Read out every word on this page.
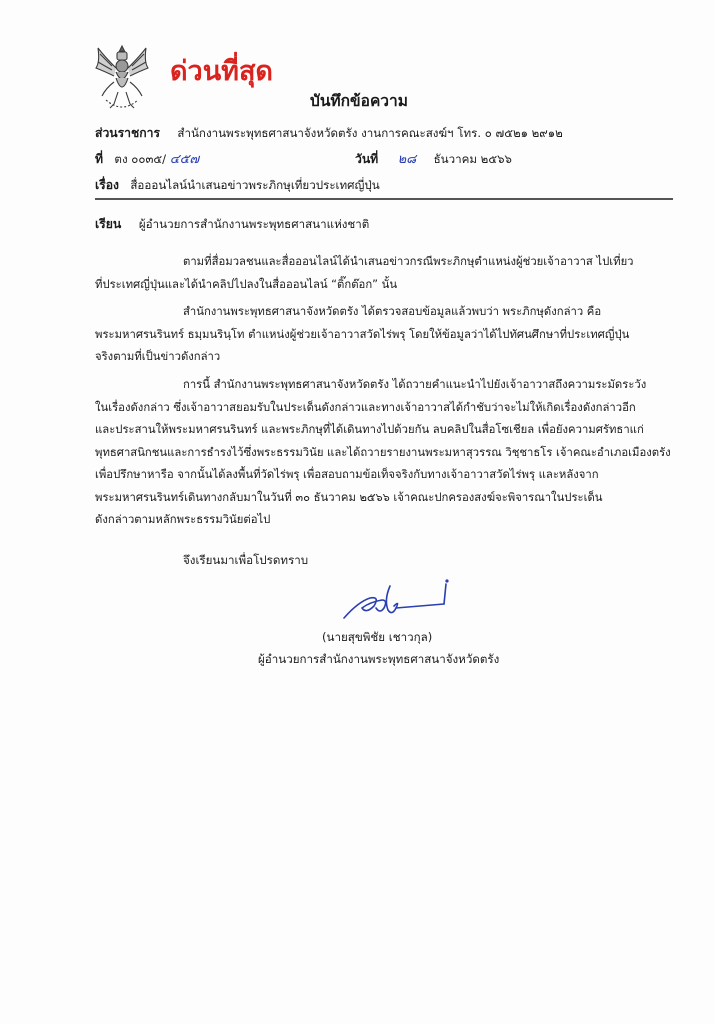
ด่วนที่สุด
บันทึกข้อความ
ส่วนราชการ สำนักงานพระพุทธศาสนาจังหวัดตรัง งานการคณะสงฆ์ฯ โทร. ๐ ๗๕๒๑ ๒๙๑๒
ที่ ตง ๐๐๓๕/ ๔๕๗	วันที่ ๒๘ ธันวาคม ๒๕๖๖
เรื่อง สื่อออนไลน์นำเสนอข่าวพระภิกษุเที่ยวประเทศญี่ปุ่น
เรียน ผู้อำนวยการสำนักงานพระพุทธศาสนาแห่งชาติ
ตามที่สื่อมวลชนและสื่อออนไลน์ได้นำเสนอข่าวกรณีพระภิกษุตำแหน่งผู้ช่วยเจ้าอาวาส ไปเที่ยว
ที่ประเทศญี่ปุ่นและได้นำคลิปไปลงในสื่อออนไลน์ “ติ๊กต๊อก” นั้น
สำนักงานพระพุทธศาสนาจังหวัดตรัง ได้ตรวจสอบข้อมูลแล้วพบว่า พระภิกษุดังกล่าว คือ
พระมหาศรนรินทร์ ธมฺมนรินฺโท ตำแหน่งผู้ช่วยเจ้าอาวาสวัดไร่พรุ โดยให้ข้อมูลว่าได้ไปทัศนศึกษาที่ประเทศญี่ปุ่น
จริงตามที่เป็นข่าวดังกล่าว
การนี้ สำนักงานพระพุทธศาสนาจังหวัดตรัง ได้ถวายคำแนะนำไปยังเจ้าอาวาสถึงความระมัดระวัง
ในเรื่องดังกล่าว ซึ่งเจ้าอาวาสยอมรับในประเด็นดังกล่าวและทางเจ้าอาวาสได้กำชับว่าจะไม่ให้เกิดเรื่องดังกล่าวอีก
และประสานให้พระมหาศรนรินทร์ และพระภิกษุที่ได้เดินทางไปด้วยกัน ลบคลิปในสื่อโซเชียล เพื่อยังความศรัทธาแก่
พุทธศาสนิกชนและการธำรงไว้ซึ่งพระธรรมวินัย และได้ถวายรายงานพระมหาสุวรรณ วิชฺชาธโร เจ้าคณะอำเภอเมืองตรัง
เพื่อปรึกษาหารือ จากนั้นได้ลงพื้นที่วัดไร่พรุ เพื่อสอบถามข้อเท็จจริงกับทางเจ้าอาวาสวัดไร่พรุ และหลังจาก
พระมหาศรนรินทร์เดินทางกลับมาในวันที่ ๓๐ ธันวาคม ๒๕๖๖ เจ้าคณะปกครองสงฆ์จะพิจารณาในประเด็น
ดังกล่าวตามหลักพระธรรมวินัยต่อไป
จึงเรียนมาเพื่อโปรดทราบ
(นายสุขพิชัย เชาวกุล)
ผู้อำนวยการสำนักงานพระพุทธศาสนาจังหวัดตรัง
